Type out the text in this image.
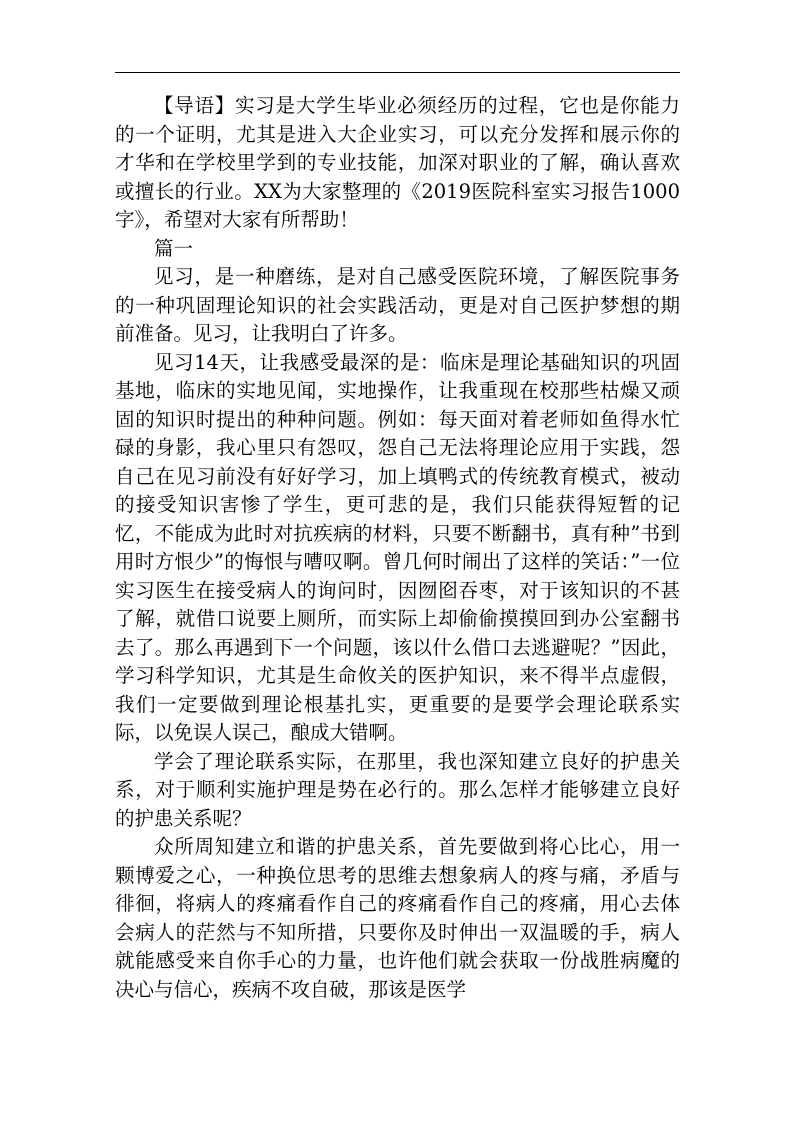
【导语】实习是大学生毕业必须经历的过程，它也是你能力的一个证明，尤其是进入大企业实习，可以充分发挥和展示你的才华和在学校里学到的专业技能，加深对职业的了解，确认喜欢或擅长的行业。XX为大家整理的《2019医院科室实习报告1000字》，希望对大家有所帮助！

篇一

见习，是一种磨练，是对自己感受医院环境，了解医院事务的一种巩固理论知识的社会实践活动，更是对自己医护梦想的期前准备。见习，让我明白了许多。

见习14天，让我感受最深的是：临床是理论基础知识的巩固基地，临床的实地见闻，实地操作，让我重现在校那些枯燥又顽固的知识时提出的种种问题。例如：每天面对着老师如鱼得水忙碌的身影，我心里只有怨叹，怨自己无法将理论应用于实践，怨自己在见习前没有好好学习，加上填鸭式的传统教育模式，被动的接受知识害惨了学生，更可悲的是，我们只能获得短暂的记忆，不能成为此时对抗疾病的材料，只要不断翻书，真有种”书到用时方恨少”的悔恨与嘈叹啊。曾几何时闹出了这样的笑话：”一位实习医生在接受病人的询问时，因囫囵吞枣，对于该知识的不甚了解，就借口说要上厕所，而实际上却偷偷摸摸回到办公室翻书去了。那么再遇到下一个问题，该以什么借口去逃避呢？”因此，学习科学知识，尤其是生命攸关的医护知识，来不得半点虚假，我们一定要做到理论根基扎实，更重要的是要学会理论联系实际，以免误人误己，酿成大错啊。

学会了理论联系实际，在那里，我也深知建立良好的护患关系，对于顺利实施护理是势在必行的。那么怎样才能够建立良好的护患关系呢？

众所周知建立和谐的护患关系，首先要做到将心比心，用一颗博爱之心，一种换位思考的思维去想象病人的疼与痛，矛盾与徘徊，将病人的疼痛看作自己的疼痛看作自己的疼痛，用心去体会病人的茫然与不知所措，只要你及时伸出一双温暖的手，病人就能感受来自你手心的力量，也许他们就会获取一份战胜病魔的决心与信心，疾病不攻自破，那该是医学
